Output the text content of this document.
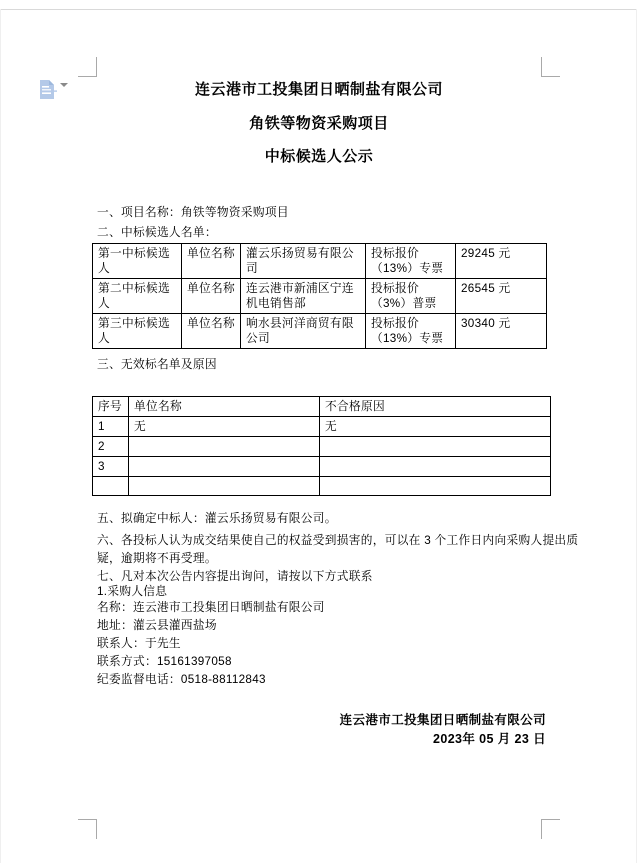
连云港市工投集团日晒制盐有限公司
角铁等物资采购项目
中标候选人公示
一、项目名称：角铁等物资采购项目
二、中标候选人名单：
第一中标候选人	单位名称	灌云乐扬贸易有限公司	投标报价（13%）专票	29245 元
第二中标候选人	单位名称	连云港市新浦区宁连机电销售部	投标报价（3%）普票	26545 元
第三中标候选人	单位名称	响水县河洋商贸有限公司	投标报价（13%）专票	30340 元
三、无效标名单及原因
序号	单位名称	不合格原因
1	无	无
2		
3		

五、拟确定中标人：灌云乐扬贸易有限公司。
六、各投标人认为成交结果使自己的权益受到损害的，可以在 3 个工作日内向采购人提出质
疑，逾期将不再受理。
七、凡对本次公告内容提出询问，请按以下方式联系
1.采购人信息
名称：连云港市工投集团日晒制盐有限公司
地址：灌云县灌西盐场
联系人：于先生
联系方式：15161397058
纪委监督电话：0518-88112843
连云港市工投集团日晒制盐有限公司
2023年 05 月 23 日
